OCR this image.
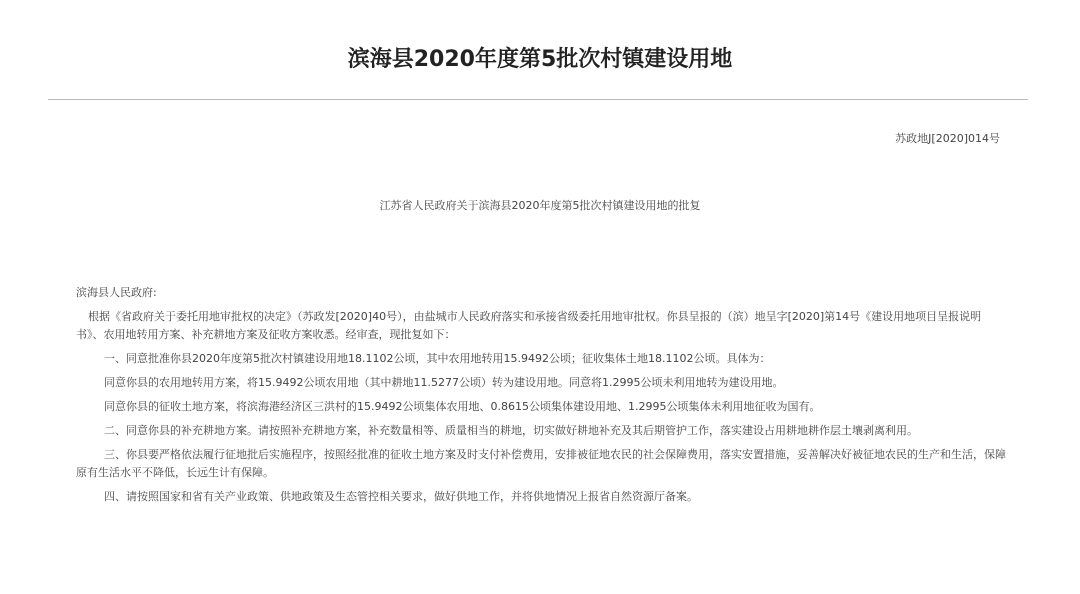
滨海县2020年度第5批次村镇建设用地
苏政地J[2020]014号
江苏省人民政府关于滨海县2020年度第5批次村镇建设用地的批复

滨海县人民政府:

根据《省政府关于委托用地审批权的决定》（苏政发[2020]40号），由盐城市人民政府落实和承接省级委托用地审批权。你县呈报的（滨）地呈字[2020]第14号《建设用地项目呈报说明书》、农用地转用方案、补充耕地方案及征收方案收悉。经审查，现批复如下：

一、同意批准你县2020年度第5批次村镇建设用地18.1102公顷，其中农用地转用15.9492公顷；征收集体土地18.1102公顷。具体为：

同意你县的农用地转用方案，将15.9492公顷农用地（其中耕地11.5277公顷）转为建设用地。同意将1.2995公顷未利用地转为建设用地。

同意你县的征收土地方案，将滨海港经济区三洪村的15.9492公顷集体农用地、0.8615公顷集体建设用地、1.2995公顷集体未利用地征收为国有。

二、同意你县的补充耕地方案。请按照补充耕地方案，补充数量相等、质量相当的耕地，切实做好耕地补充及其后期管护工作，落实建设占用耕地耕作层土壤剥离利用。

三、你县要严格依法履行征地批后实施程序，按照经批准的征收土地方案及时支付补偿费用，安排被征地农民的社会保障费用，落实安置措施，妥善解决好被征地农民的生产和生活，保障原有生活水平不降低，长远生计有保障。

四、请按照国家和省有关产业政策、供地政策及生态管控相关要求，做好供地工作，并将供地情况上报省自然资源厅备案。
